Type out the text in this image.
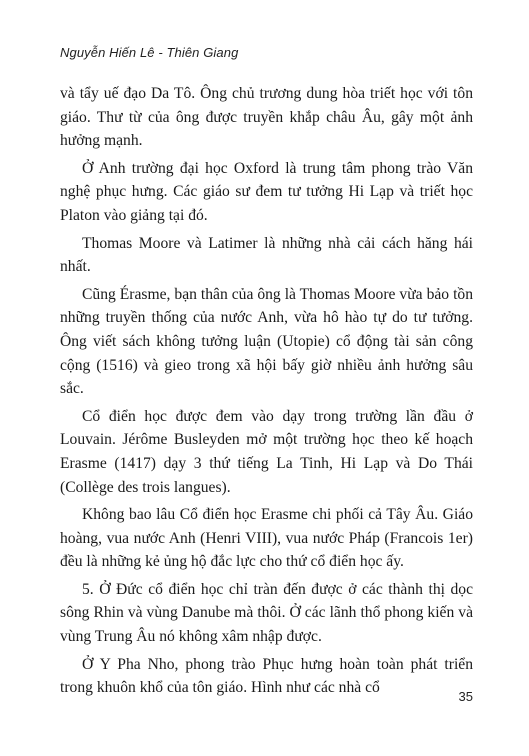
Nguyễn Hiến Lê - Thiên Giang

và tẩy uế đạo Da Tô. Ông chủ trương dung hòa triết học với tôn giáo. Thư từ của ông được truyền khắp châu Âu, gây một ảnh hưởng mạnh.

Ở Anh trường đại học Oxford là trung tâm phong trào Văn nghệ phục hưng. Các giáo sư đem tư tưởng Hi Lạp và triết học Platon vào giảng tại đó.

Thomas Moore và Latimer là những nhà cải cách hăng hái nhất.

Cũng Érasme, bạn thân của ông là Thomas Moore vừa bảo tồn những truyền thống của nước Anh, vừa hô hào tự do tư tưởng. Ông viết sách không tưởng luận (Utopie) cổ động tài sản công cộng (1516) và gieo trong xã hội bấy giờ nhiều ảnh hưởng sâu sắc.

Cổ điển học được đem vào dạy trong trường lần đầu ở Louvain. Jérôme Busleyden mở một trường học theo kế hoạch Erasme (1417) dạy 3 thứ tiếng La Tinh, Hi Lạp và Do Thái (Collège des trois langues).

Không bao lâu Cổ điển học Erasme chi phối cả Tây Âu. Giáo hoàng, vua nước Anh (Henri VIII), vua nước Pháp (Francois 1er) đều là những kẻ ủng hộ đắc lực cho thứ cổ điển học ấy.

5. Ở Đức cổ điển học chỉ tràn đến được ở các thành thị dọc sông Rhin và vùng Danube mà thôi. Ở các lãnh thổ phong kiến và vùng Trung Âu nó không xâm nhập được.

Ở Y Pha Nho, phong trào Phục hưng hoàn toàn phát triển trong khuôn khổ của tôn giáo. Hình như các nhà cổ

35
